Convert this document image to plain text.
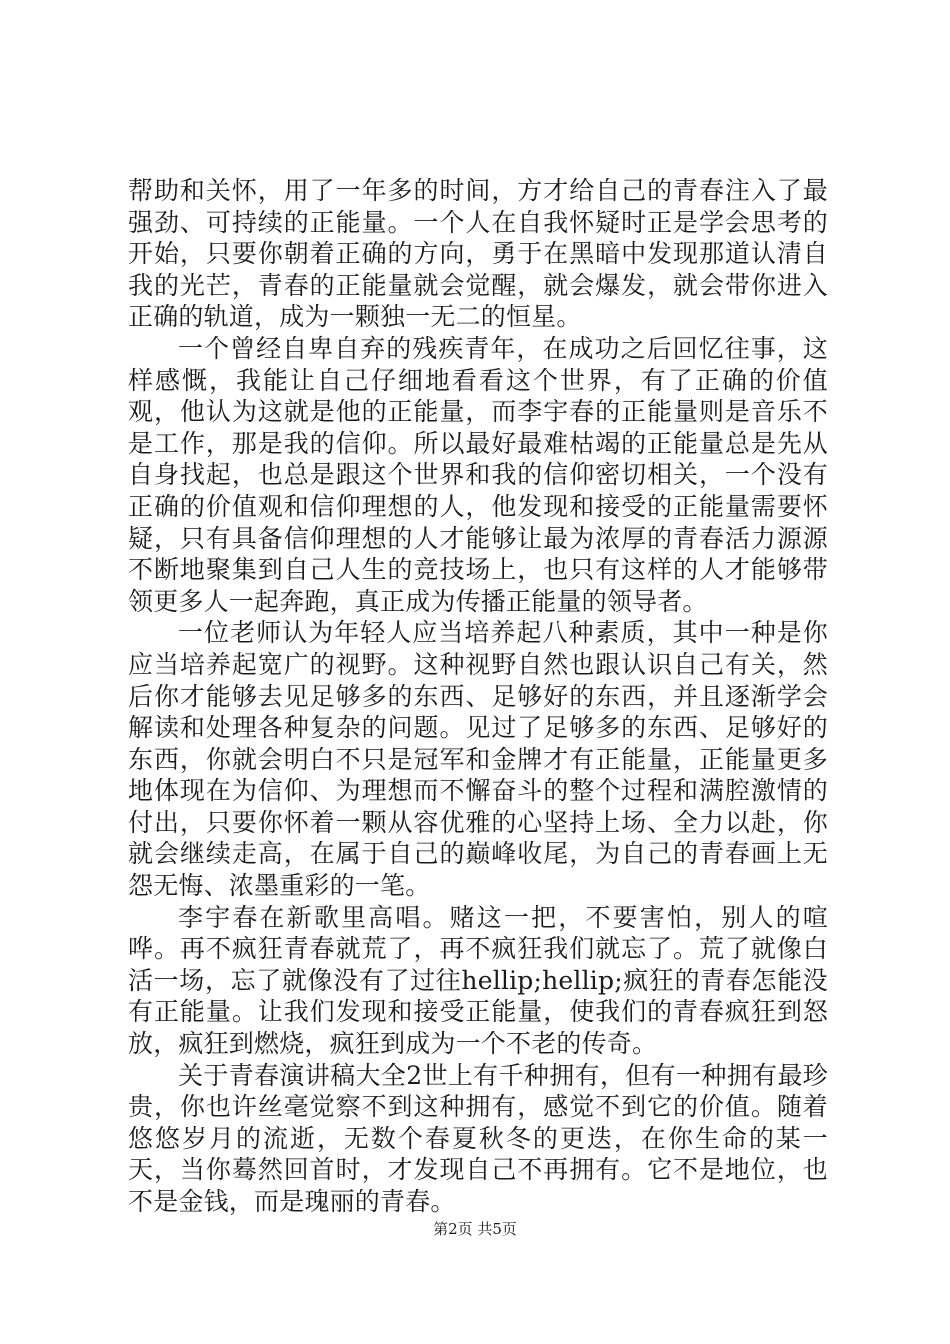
帮助和关怀，用了一年多的时间，方才给自己的青春注入了最强劲、可持续的正能量。一个人在自我怀疑时正是学会思考的开始，只要你朝着正确的方向，勇于在黑暗中发现那道认清自我的光芒，青春的正能量就会觉醒，就会爆发，就会带你进入正确的轨道，成为一颗独一无二的恒星。

一个曾经自卑自弃的残疾青年，在成功之后回忆往事，这样感慨，我能让自己仔细地看看这个世界，有了正确的价值观，他认为这就是他的正能量，而李宇春的正能量则是音乐不是工作，那是我的信仰。所以最好最难枯竭的正能量总是先从自身找起，也总是跟这个世界和我的信仰密切相关，一个没有正确的价值观和信仰理想的人，他发现和接受的正能量需要怀疑，只有具备信仰理想的人才能够让最为浓厚的青春活力源源不断地聚集到自己人生的竞技场上，也只有这样的人才能够带领更多人一起奔跑，真正成为传播正能量的领导者。

一位老师认为年轻人应当培养起八种素质，其中一种是你应当培养起宽广的视野。这种视野自然也跟认识自己有关，然后你才能够去见足够多的东西、足够好的东西，并且逐渐学会解读和处理各种复杂的问题。见过了足够多的东西、足够好的东西，你就会明白不只是冠军和金牌才有正能量，正能量更多地体现在为信仰、为理想而不懈奋斗的整个过程和满腔激情的付出，只要你怀着一颗从容优雅的心坚持上场、全力以赴，你就会继续走高，在属于自己的巅峰收尾，为自己的青春画上无怨无悔、浓墨重彩的一笔。

李宇春在新歌里高唱。赌这一把，不要害怕，别人的喧哗。再不疯狂青春就荒了，再不疯狂我们就忘了。荒了就像白活一场，忘了就像没有了过往hellip;hellip;疯狂的青春怎能没有正能量。让我们发现和接受正能量，使我们的青春疯狂到怒放，疯狂到燃烧，疯狂到成为一个不老的传奇。

关于青春演讲稿大全2世上有千种拥有，但有一种拥有最珍贵，你也许丝毫觉察不到这种拥有，感觉不到它的价值。随着悠悠岁月的流逝，无数个春夏秋冬的更迭，在你生命的某一天，当你蓦然回首时，才发现自己不再拥有。它不是地位，也不是金钱，而是瑰丽的青春。

第2页 共5页
